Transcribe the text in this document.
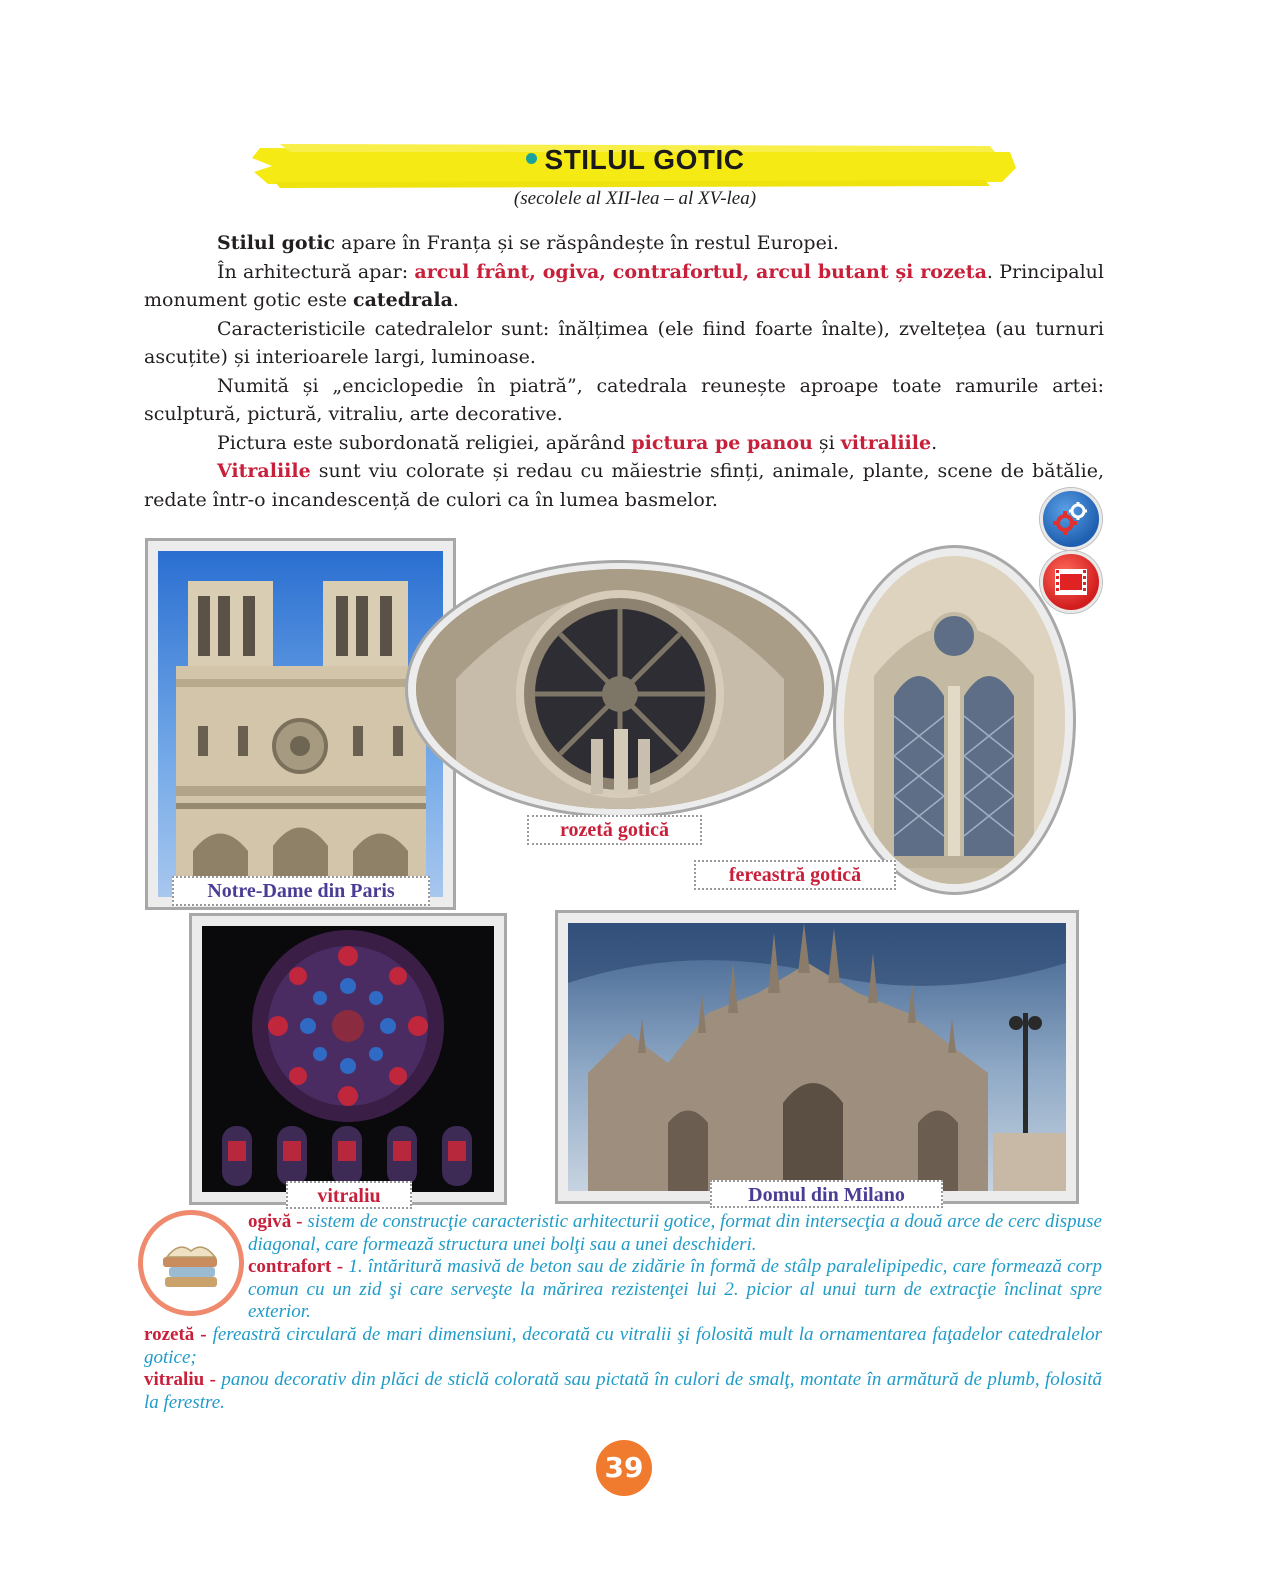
STILUL GOTIC
(secolele al XII-lea – al XV-lea)

Stilul gotic apare în Franța și se răspândește în restul Europei.

În arhitectură apar: arcul frânt, ogiva, contrafortul, arcul butant și rozeta. Principalul monument gotic este catedrala.

Caracteristicile catedralelor sunt: înălțimea (ele fiind foarte înalte), zveltețea (au turnuri ascuțite) și interioarele largi, luminoase.

Numită și „enciclopedie în piatră”, catedrala reunește aproape toate ramurile artei: sculptură, pictură, vitraliu, arte decorative.

Pictura este subordonată religiei, apărând pictura pe panou și vitraliile.

Vitraliile sunt viu colorate și redau cu măiestrie sfinți, animale, plante, scene de bătălie, redate într-o incandescență de culori ca în lumea basmelor.

Notre-Dame din Paris
rozetă gotică
fereastră gotică
vitraliu	Domul din Milano

ogivă - sistem de construcţie caracteristic arhitecturii gotice, format din intersecţia a două arce de cerc dispuse diagonal, care formează structura unei bolţi sau a unei deschideri.

contrafort - 1. întăritură masivă de beton sau de zidărie în formă de stâlp paralelipipedic, care formează corp comun cu un zid şi care serveşte la mărirea rezistenţei lui 2. picior al unui turn de extracţie înclinat spre exterior.

rozetă - fereastră circulară de mari dimensiuni, decorată cu vitralii şi folosită mult la ornamentarea faţadelor catedralelor gotice;

vitraliu - panou decorativ din plăci de sticlă colorată sau pictată în culori de smalţ, montate în armătură de plumb, folosită la ferestre.

39
